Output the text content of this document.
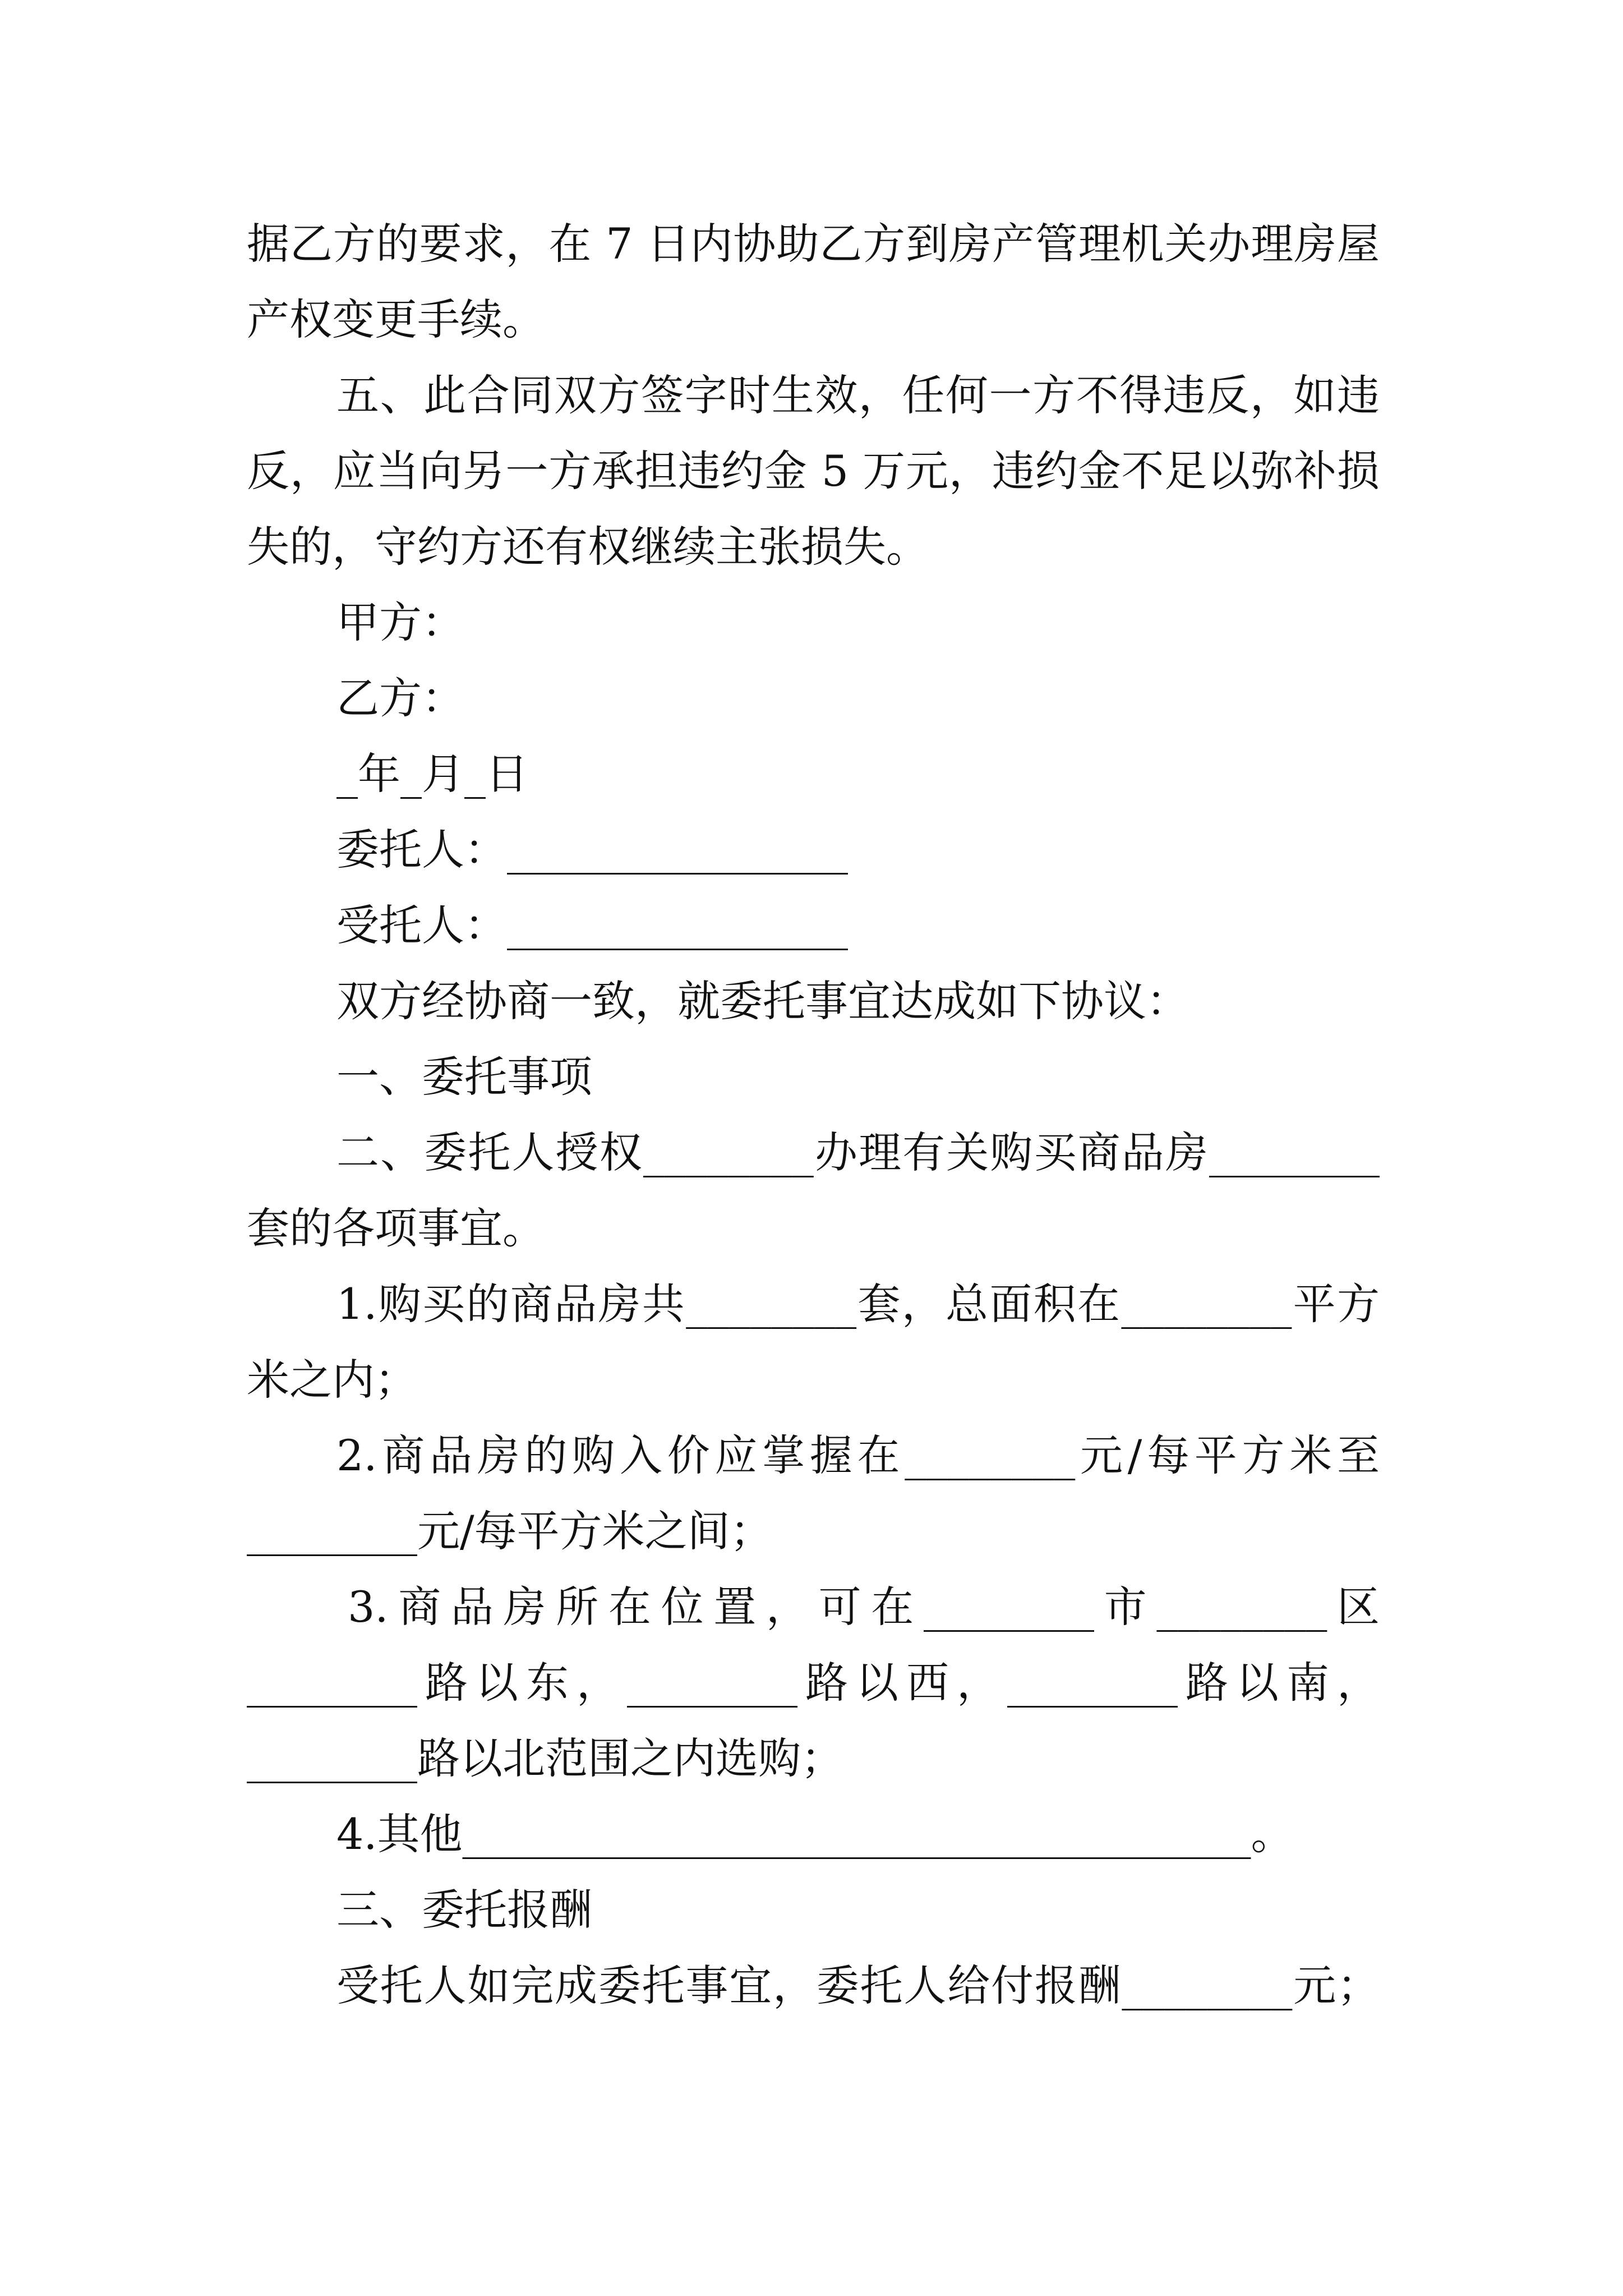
据乙方的要求，在 7 日内协助乙方到房产管理机关办理房屋

产权变更手续。

五、此合同双方签字时生效，任何一方不得违反，如违

反，应当向另一方承担违约金 5 万元，违约金不足以弥补损

失的，守约方还有权继续主张损失。

甲方：

乙方：

_年_月_日

委托人：________________

受托人：________________

双方经协商一致，就委托事宜达成如下协议：

一、委托事项

二、委托人授权________办理有关购买商品房________

套的各项事宜。

1.购买的商品房共________套，总面积在________平方

米之内；

2.商品房的购入价应掌握在________元/每平方米至

________元/每平方米之间；

3.商品房所在位置，可在________市________区

________路以东，________路以西，________路以南，

________路以北范围之内选购；

4.其他_____________________________________。

三、委托报酬

受托人如完成委托事宜，委托人给付报酬________元；
